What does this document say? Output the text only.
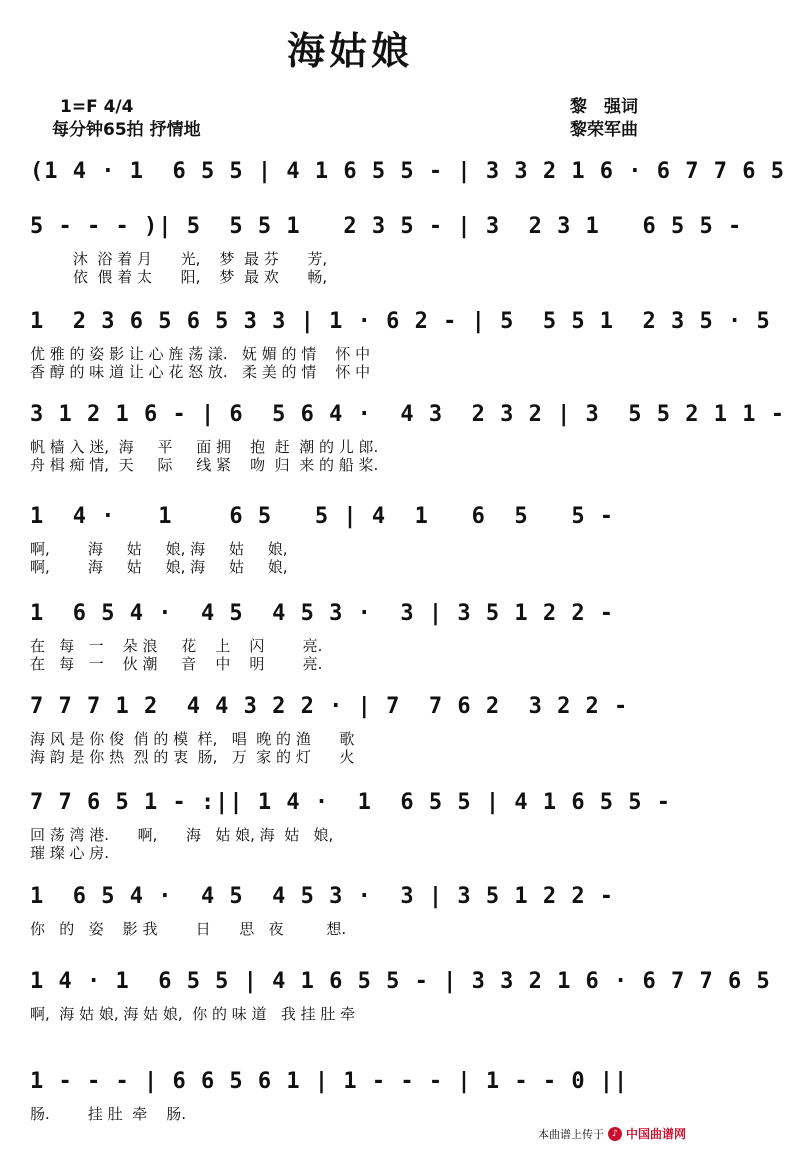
海姑娘
1=F 4/4
每分钟65拍 抒情地
黎　强词
黎荣军曲
(1 4 · 1  6 5 5 | 4 1 6 5 5 - | 3 3 2 1 6 · 6 7 7 6 5
5 - - - )| 5  5 5 1   2 3 5 - | 3  2 3 1   6 5 5 -
沐  浴 着 月      光,    梦  最 芬      芳,
依  偎 着 太      阳,    梦  最 欢      畅,
1  2 3 6 5 6 5 3 3 | 1 · 6 2 - | 5  5 5 1  2 3 5 · 5
优 雅 的 姿 影 让 心 旌 荡 漾.   妩 媚 的 情    怀 中
香 醇 的 味 道 让 心 花 怒 放.   柔 美 的 情    怀 中
3 1 2 1 6 - | 6  5 6 4 ·  4 3  2 3 2 | 3  5 5 2 1 1 -
帆 樯 入 迷,  海     平     面 拥    抱  赶  潮 的 儿 郎.
舟 楫 痴 情,  天     际     线 紧    吻  归  来 的 船 桨.
1  4 ·   1    6 5   5 | 4  1   6  5   5 -
啊,        海     姑     娘, 海     姑     娘,
啊,        海     姑     娘, 海     姑     娘,
1  6 5 4 ·  4 5  4 5 3 ·  3 | 3 5 1 2 2 -
在   每   一    朵 浪     花    上    闪        亮.
在   每   一    伙 潮     音    中    明        亮.
7 7 7 1 2  4 4 3 2 2 · | 7  7 6 2  3 2 2 -
海 风 是 你 俊  俏 的 模  样,   唱  晚 的 渔      歌
海 韵 是 你 热  烈 的 衷  肠,   万  家 的 灯      火
7 7 6 5 1 - :|| 1 4 ·  1  6 5 5 | 4 1 6 5 5 -
回 荡 湾 港.      啊,      海   姑 娘, 海  姑   娘,
璀 璨 心 房.
1  6 5 4 ·  4 5  4 5 3 ·  3 | 3 5 1 2 2 -
你   的   姿    影 我        日      思   夜         想.
1 4 · 1  6 5 5 | 4 1 6 5 5 - | 3 3 2 1 6 · 6 7 7 6 5
啊,  海 姑 娘, 海 姑 娘,  你 的 味 道   我 挂 肚 牵
1 - - - | 6 6 5 6 1 | 1 - - - | 1 - - 0 ||
肠.        挂 肚  牵    肠.
本曲谱上传于 ♪ 中国曲谱网
